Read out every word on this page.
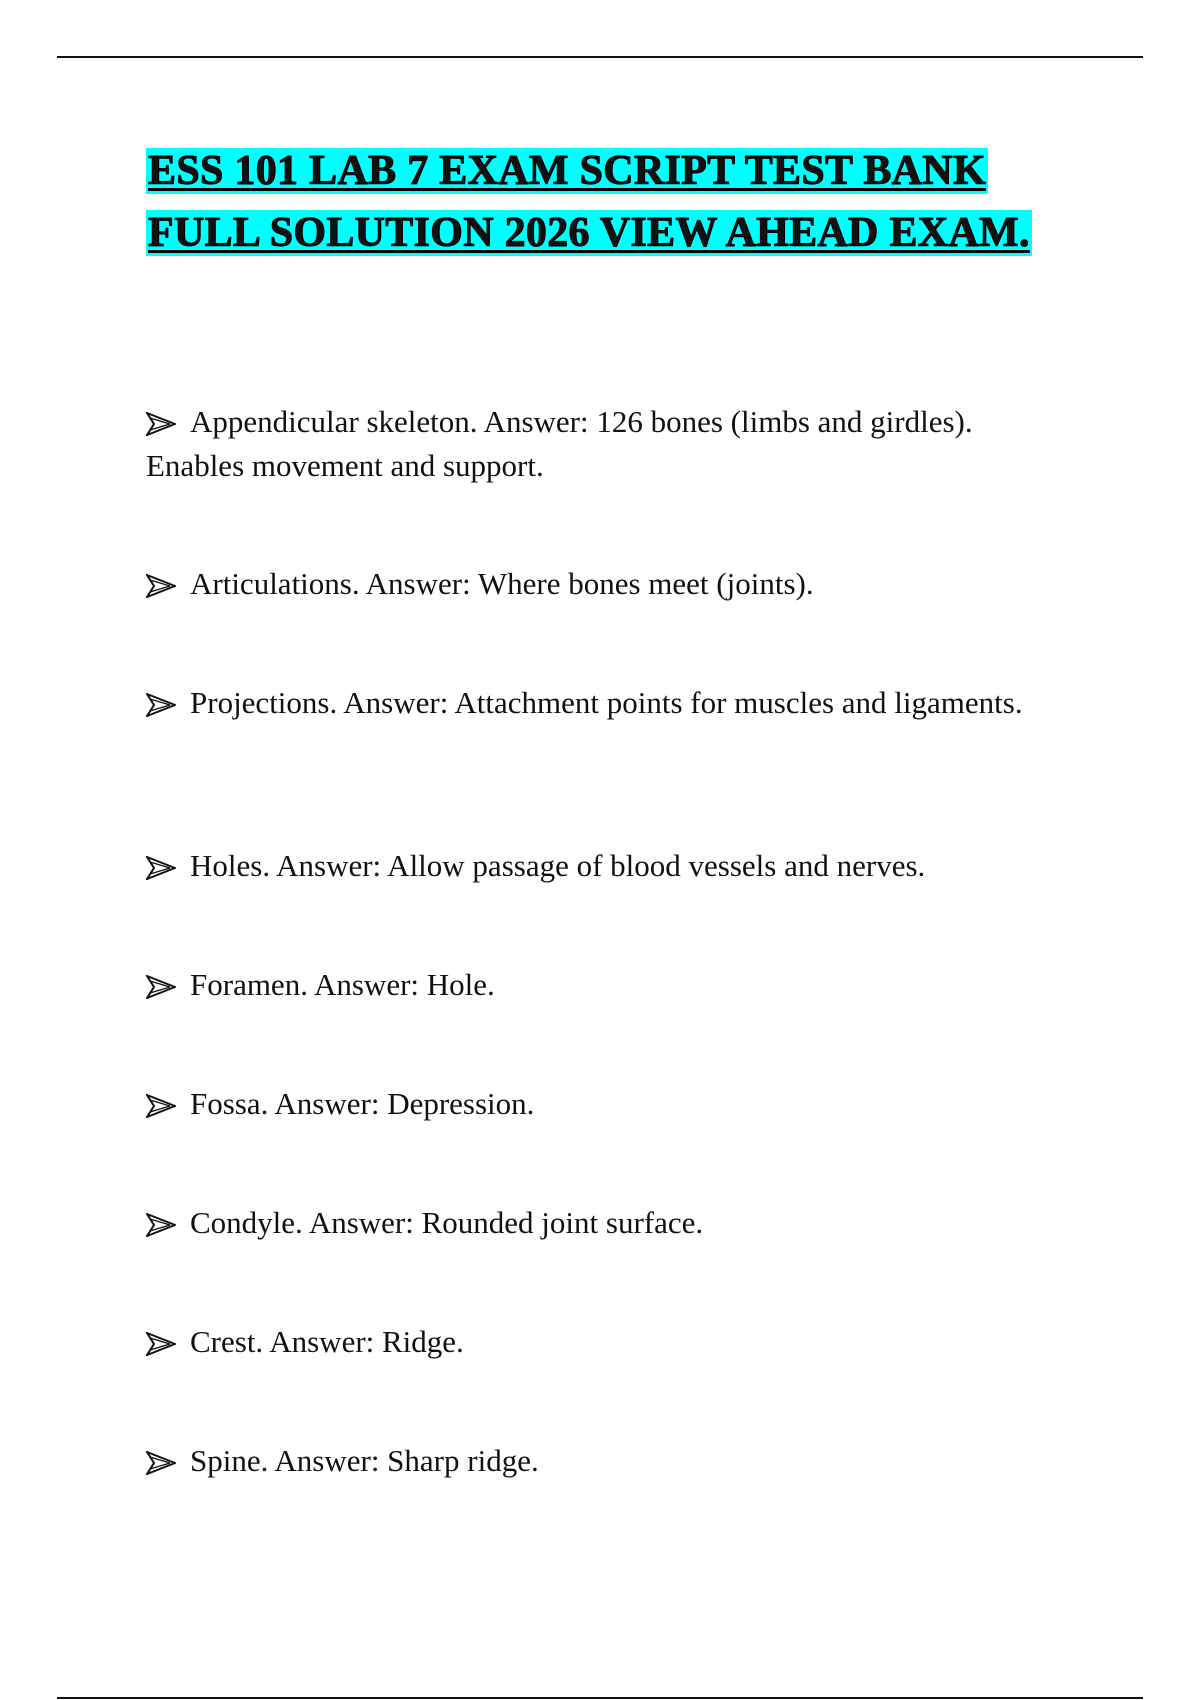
ESS 101 LAB 7 EXAM SCRIPT TEST BANK FULL SOLUTION 2026 VIEW AHEAD EXAM.
Appendicular skeleton. Answer: 126 bones (limbs and girdles). Enables movement and support.
Articulations. Answer: Where bones meet (joints).
Projections. Answer: Attachment points for muscles and ligaments.
Holes. Answer: Allow passage of blood vessels and nerves.
Foramen. Answer: Hole.
Fossa. Answer: Depression.
Condyle. Answer: Rounded joint surface.
Crest. Answer: Ridge.
Spine. Answer: Sharp ridge.
